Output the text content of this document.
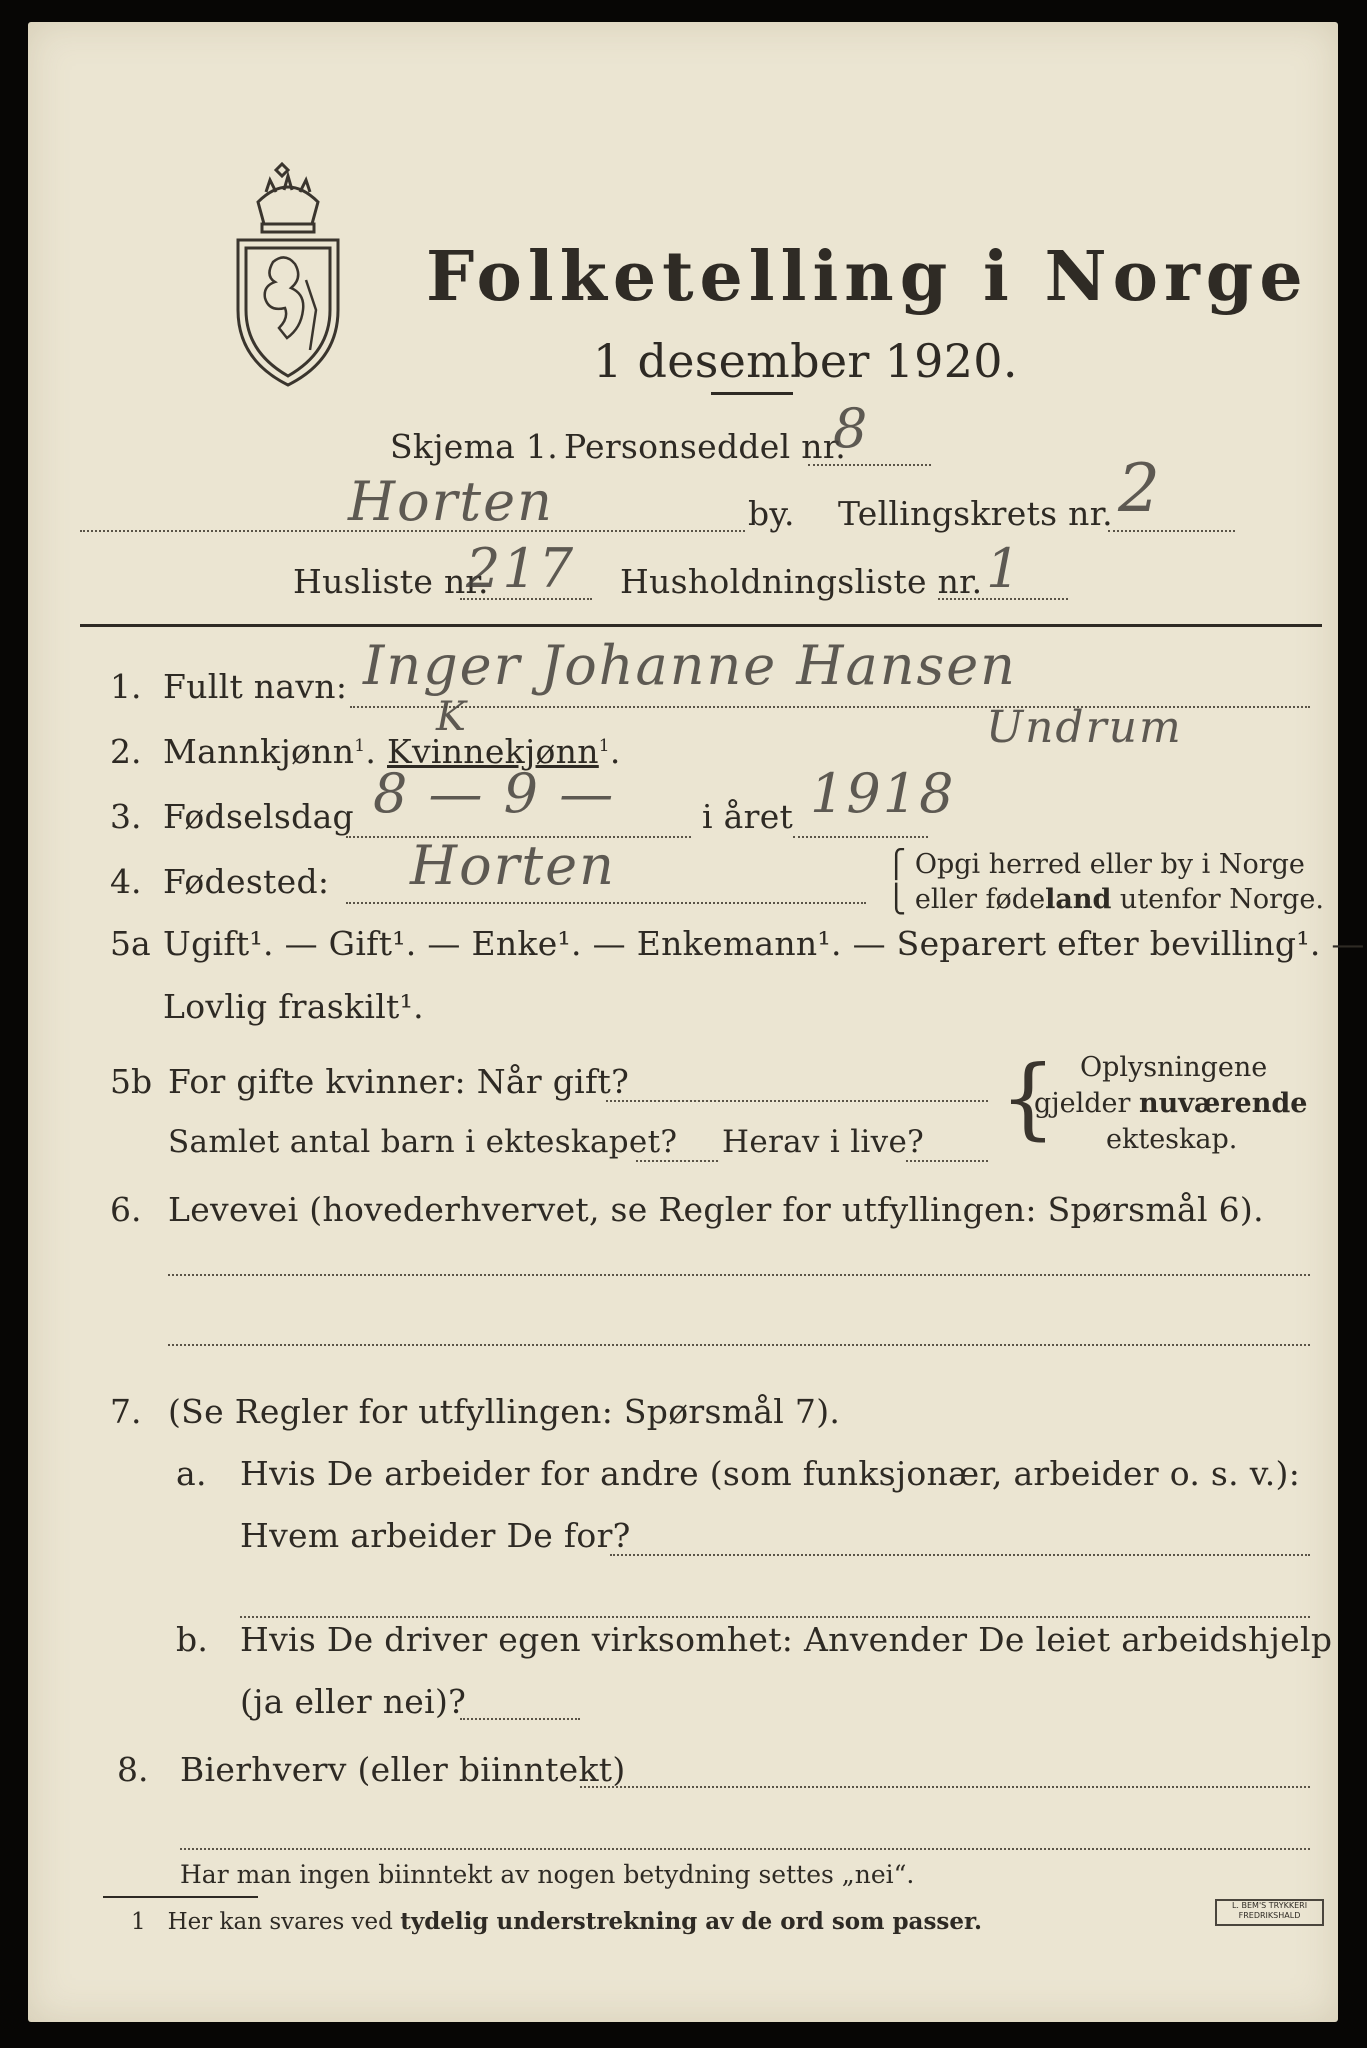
Folketelling i Norge
1 desember 1920.
Skjema 1. Personseddel nr.
8
Horten	by. Tellingskrets nr. 2
Husliste nr.
217 Husholdningsliste nr. 1
1. Fullt navn: Inger Johanne Hansen
Undrum
2. Mannkjønn$^1$. Kvinnekjønn$^1$.
K
3. Fødselsdag 8 — 9 —	i året 1918
4. Fødested: Horten	⎧ Opgi herred eller by i Norge
⎩ eller fødeland utenfor Norge.
5a Ugift¹. — Gift¹. — Enke¹. — Enkemann¹. — Separert efter bevilling¹. —
Lovlig fraskilt¹.
5b For gifte kvinner: Når gift?
Samlet antal barn i ekteskapet? Herav i live? { Oplysningene
gjelder nuværende
ekteskap.
6. Levevei (hovederhvervet, se Regler for utfyllingen: Spørsmål 6).
7. (Se Regler for utfyllingen: Spørsmål 7).
a. Hvis De arbeider for andre (som funksjonær, arbeider o. s. v.):
Hvem arbeider De for?
b. Hvis De driver egen virksomhet: Anvender De leiet arbeidshjelp
(ja eller nei)?
8. Bierhverv (eller biinntekt)
Har man ingen biinntekt av nogen betydning settes „nei“.
1 Her kan svares ved tydelig understrekning av de ord som passer.
L. BEM'S TRYKKERI
FREDRIKSHALD
